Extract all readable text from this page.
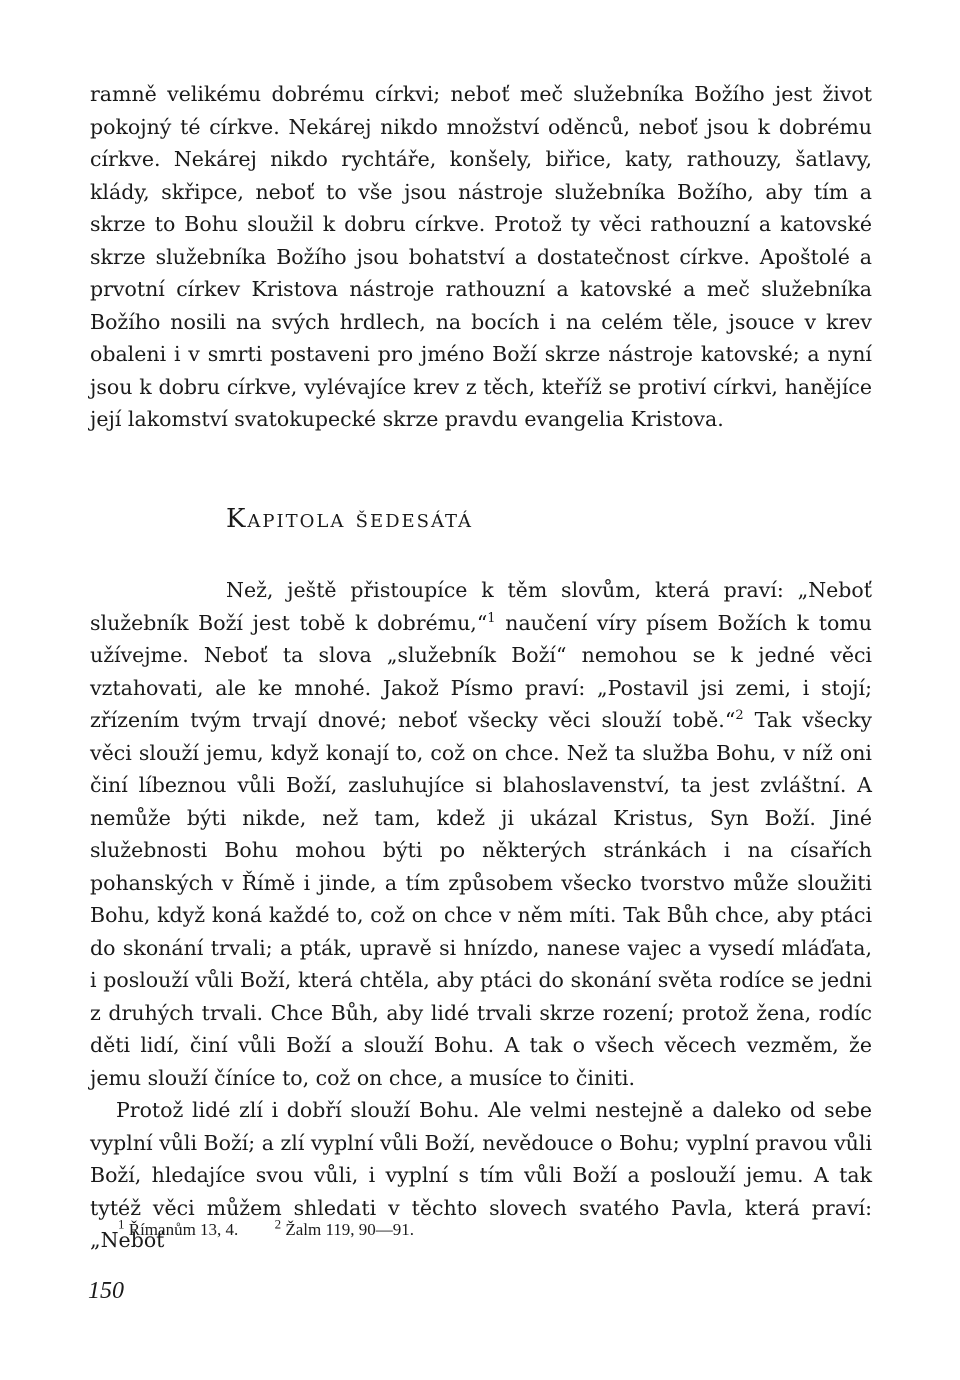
ramně velikému dobrému církvi; neboť meč služebníka Božího jest život pokojný té církve. Nekárej nikdo množství oděnců, neboť jsou k dobrému církve. Nekárej nikdo rychtáře, konšely, biřice, katy, rathouzy, šatlavy, klády, skřipce, neboť to vše jsou nástroje služebníka Božího, aby tím a skrze to Bohu sloužil k dobru církve. Protož ty věci rathouzní a katovské skrze služebníka Božího jsou bohatství a dostatečnost církve. Apoštolé a prvotní církev Kristova nástroje rathouzní a katovské a meč služebníka Božího nosili na svých hrdlech, na bocích i na celém těle, jsouce v krev obaleni i v smrti postaveni pro jméno Boží skrze nástroje katovské; a nyní jsou k dobru církve, vylévajíce krev z těch, kteříž se protiví církvi, hanějíce její lakomství svatokupecké skrze pravdu evangelia Kristova.

Kapitola šedesátá

Než, ještě přistoupíce k těm slovům, která praví: „Neboť služebník Boží jest tobě k dobrému,“$^1$ naučení víry písem Božích k tomu užívejme. Neboť ta slova „služebník Boží“ nemohou se k jedné věci vztahovati, ale ke mnohé. Jakož Písmo praví: „Postavil jsi zemi, i stojí; zřízením tvým trvají dnové; neboť všecky věci slouží tobě.“$^2$ Tak všecky věci slouží jemu, když konají to, což on chce. Než ta služba Bohu, v níž oni činí líbeznou vůli Boží, zasluhujíce si blahoslavenství, ta jest zvláštní. A nemůže býti nikde, než tam, kdež ji ukázal Kristus, Syn Boží. Jiné služebnosti Bohu mohou býti po některých stránkách i na císařích pohanských v Římě i jinde, a tím způsobem všecko tvorstvo může sloužiti Bohu, když koná každé to, což on chce v něm míti. Tak Bůh chce, aby ptáci do skonání trvali; a pták, upravě si hnízdo, nanese vajec a vysedí mláďata, i poslouží vůli Boží, která chtěla, aby ptáci do skonání světa rodíce se jedni z druhých trvali. Chce Bůh, aby lidé trvali skrze rození; protož žena, rodíc děti lidí, činí vůli Boží a slouží Bohu. A tak o všech věcech vezměm, že jemu slouží číníce to, což on chce, a musíce to činiti.

Protož lidé zlí i dobří slouží Bohu. Ale velmi nestejně a daleko od sebe vyplní vůli Boží; a zlí vyplní vůli Boží, nevědouce o Bohu; vyplní pravou vůli Boží, hledajíce svou vůli, i vyplní s tím vůli Boží a poslouží jemu. A tak tytéž věci můžem shledati v těchto slovech svatého Pavla, která praví: „Neboť

$^1$ Římanům 13, 4.	$^2$ Žalm 119, 90—91.
150
